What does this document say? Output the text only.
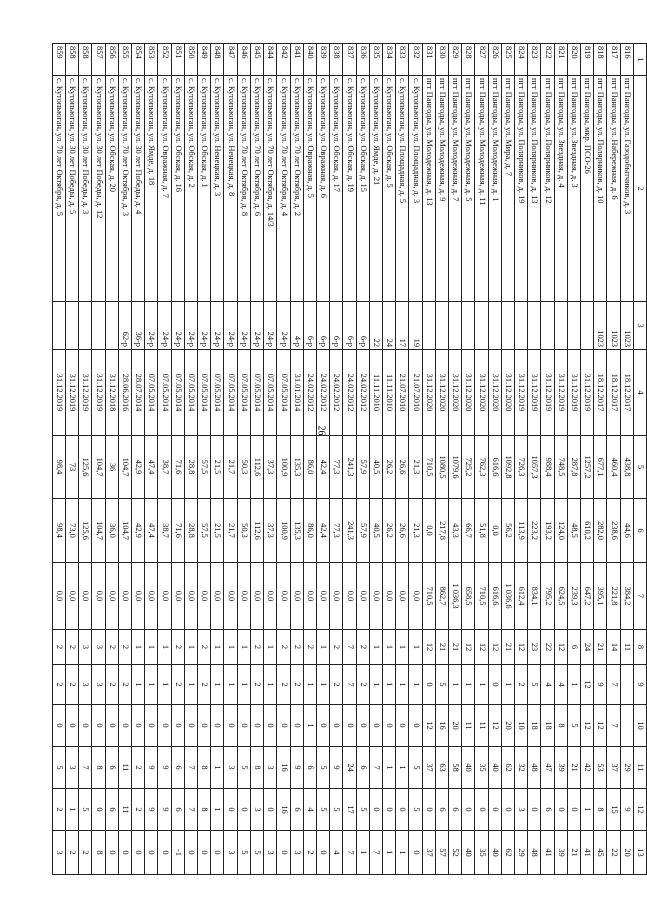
26
1	2	3	4	5	6	7	8	9	10	11	12	13
816	пгт Пангоды, ул. Газодобытчиков, д. 3	1023	18.12.2017	438,8	44,6	384,2	11			29	9	20
817	пгт Пангоды, ул. Набережная, д. 6	1023	18.12.2017	460,4	238,6	221,8	14	7	7	37	15	22
818	пгт Пангоды, ул. Полярников, д. 10	1023	18.12.2017	677,1	282,0	395,1	21	9	12	53	8	45
819	пгт Пангоды, мкр. ПСО-26		31.12.2019	1257,2	610,2	647,2	24	12	12	42	1	41
820	пгт Пангоды, ул. Звездная, д. 3		31.12.2019	287,8	48,5	239,3	6	1	5	21	0	21
821	пгт Пангоды, ул. Звездная, д. 4		31.12.2019	748,5	124,0	624,5	12	4	8	39	0	39
822	пгт Пангоды, ул. Полярников, д. 12		31.12.2019	988,4	193,2	795,2	22	4	18	47	6	41
823	пгт Пангоды, ул. Полярников, д. 13		31.12.2019	1057,3	223,2	834,1	23	5	18	48	0	48
824	пгт Пангоды, ул. Полярников, д. 19		31.12.2019	726,3	113,9	612,4	12	2	10	32	3	29
825	пгт Пангоды, ул. Мира, д. 7		31.12.2020	1092,8	56,2	1 036,6	21	1	20	62	0	62
826	пгт Пангоды, ул. Молодежная, д. 1		31.12.2020	616,6	0,0	616,6	12	0	12	40	0	40
827	пгт Пангоды, ул. Молодежная, д. 11		31.12.2020	762,3	51,8	710,5	12	1	11	35	0	35
828	пгт Пангоды, ул. Молодежная, д. 5		31.12.2020	725,2	66,7	658,5	12	1	11	40	0	40
829	пгт Пангоды, ул. Молодежная, д. 7		31.12.2020	1079,6	43,3	1 036,3	21	1	20	58	6	52
830	пгт Пангоды, ул. Молодежная, д. 9		31.12.2020	1080,5	217,8	862,7	21	5	16	63	6	57
831	пгт Пангоды, ул. Молодежная, д. 13		31.12.2020	710,5	0,0	710,5	12	0	12	37	0	37
832	с. Кутопьюган, ул. Площадная, д. 3	19	21.07.2010	21,3	21,3	0,0	1	1	0	5	5	0
833	с. Кутопьюган, ул. Площадная, д. 5	17	21.07.2010	26,6	26,6	0,0	1	1	0	1	0	1
834	с. Кутопьюган, ул. Обская, д. 5	24	11.11.2010	26,2	26,2	0,0	1	1	0	1	0	1
835	с. Кутопьюган, ул. Ямде, д. 21	22	11.11.2010	40,5	40,5	0,0	1	1	0	7	0	7
836	с. Кутопьюган, ул. Обская, д. 15	6-р	24.02.2012	57,9	57,9	0,0	2	2	0	6	5	1
837	с. Кутопьюган, ул. Обская, д. 19	6-р	24.02.2012	241,3	241,3	0,0	7	7	0	24	17	7
838	с. Кутопьюган, ул. Обская, д. 17	6-р	24.02.2012	77,3	77,3	0,0	2	2	0	9	5	4
839	с. Кутопьюган, ул. Овражная, д. 6	6-р	24.02.2012	42,4	42,4	0,0	1	1	0	5	5	0
840	с. Кутопьюган, ул. Овражная, д. 5	6-р	24.02.2012	86,0	86,0	0,0	2	1	1	6	4	2
841	с. Кутопьюган, ул. 70 лет Октября, д. 2	4-р	31.01.2014	135,3	135,3	0,0	2	2	0	9	6	3
842	с. Кутопьюган, ул. 70 лет Октября, д. 4	24-р	07.05.2014	100,9	100,9	0,0	2	2	0	16	16	0
844	с. Кутопьюган, ул. 70 лет Октября, д. 14/3	24-р	07.05.2014	37,3	37,3	0,0	1	1	0	3	0	3
845	с. Кутопьюган, ул. 70 лет Октября, д. 6	24-р	07.05.2014	112,6	112,6	0,0	2	2	0	8	3	5
846	с. Кутопьюган, ул. 70 лет Октября, д. 8	24-р	07.05.2014	50,3	50,3	0,0	1	1	0	5	0	5
847	с. Кутопьюган, ул. Ненецкая, д. 8	24-р	07.05.2014	21,7	21,7	0,0	1	1	0	3	0	3
848	с. Кутопьюган, ул. Ненецкая, д. 3	24-р	07.05.2014	21,5	21,5	0,0	1	1	0	1	1	0
849	с. Кутопьюган, ул. Обская, д. 1	24-р	07.05.2014	57,5	57,5	0,0	2	2	0	8	8	0
850	с. Кутопьюган, ул. Обская, д. 2	24-р	07.05.2014	28,8	28,8	0,0	1	1	0	7	7	0
851	с. Кутопьюган, ул. Обская, д. 16	24-р	07.05.2014	71,6	71,6	0,0	2	2	0	6	6	-1
852	с. Кутопьюган, ул. Овражная, д. 7	24-р	07.05.2014	38,7	38,7	0,0	1	1	0	9	9	0
853	с. Кутопьюган, ул. Ямде, д. 18	24-р	07.05.2014	47,4	47,4	0,0	1	1	0	9	9	0
854	с. Кутопьюган, ул. 30 лет Победы, д. 4	36-р	28.07.2014	42,9	42,9	0,0	1	1	0	2	2	0
855	с. Кутопьюган, ул. 70 лет Октября, д. 3	62-р	28.06.2016	104,7	104,7	0,0	2	2	0	11	11	0
856	с. Кутопьюган, ул. Обская, д. 20		31.12.2018	36	36,0	0,0	2	2	0	6	6	0
857	с. Кутопьюган, ул. 30 лет Победы, д. 12		31.12.2019	104,7	104,7	0,0	3	3	0	8	0	8
858	с. Кутопьюган, ул. 30 лет Победы, д. 3		31.12.2019	125,6	125,6	0,0	3	3	0	7	5	2
858	с. Кутопьюган, ул. 30 лет Победы, д. 5		31.12.2019	73	73,0	0,0	2	2	0	3	1	2
859	с. Кутопьюган, ул. 70 лет Октября, д. 5		31.12.2019	98,4	98,4	0,0	2	2	0	5	2	3
